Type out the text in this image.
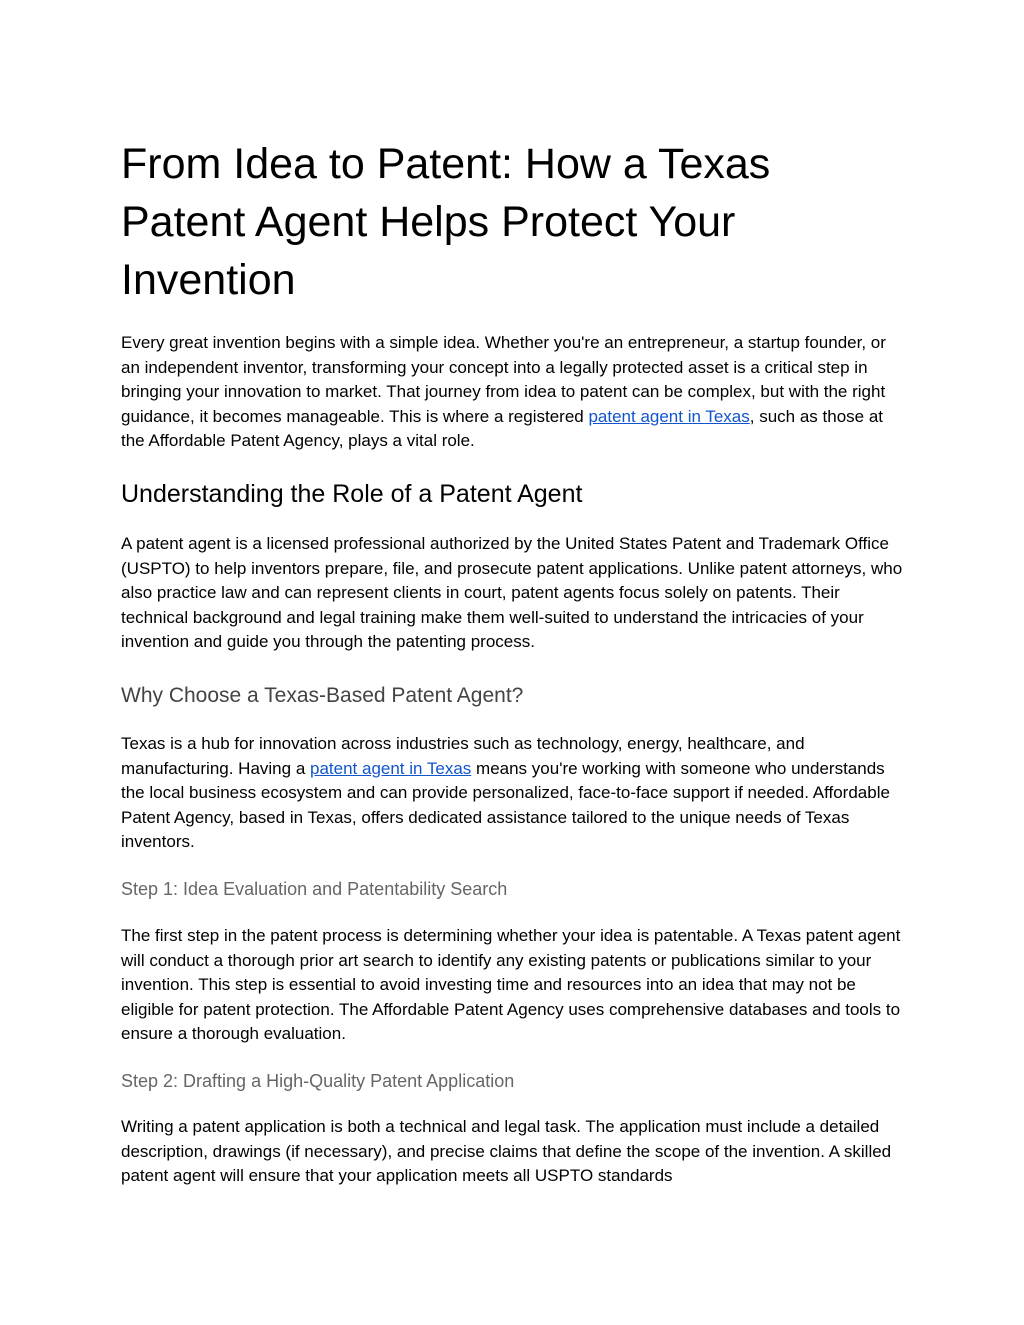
From Idea to Patent: How a Texas Patent Agent Helps Protect Your Invention

Every great invention begins with a simple idea. Whether you're an entrepreneur, a startup founder, or an independent inventor, transforming your concept into a legally protected asset is a critical step in bringing your innovation to market. That journey from idea to patent can be complex, but with the right guidance, it becomes manageable. This is where a registered patent agent in Texas, such as those at the Affordable Patent Agency, plays a vital role.

Understanding the Role of a Patent Agent

A patent agent is a licensed professional authorized by the United States Patent and Trademark Office (USPTO) to help inventors prepare, file, and prosecute patent applications. Unlike patent attorneys, who also practice law and can represent clients in court, patent agents focus solely on patents. Their technical background and legal training make them well-suited to understand the intricacies of your invention and guide you through the patenting process.

Why Choose a Texas-Based Patent Agent?

Texas is a hub for innovation across industries such as technology, energy, healthcare, and manufacturing. Having a patent agent in Texas means you're working with someone who understands the local business ecosystem and can provide personalized, face-to-face support if needed. Affordable Patent Agency, based in Texas, offers dedicated assistance tailored to the unique needs of Texas inventors.

Step 1: Idea Evaluation and Patentability Search

The first step in the patent process is determining whether your idea is patentable. A Texas patent agent will conduct a thorough prior art search to identify any existing patents or publications similar to your invention. This step is essential to avoid investing time and resources into an idea that may not be eligible for patent protection. The Affordable Patent Agency uses comprehensive databases and tools to ensure a thorough evaluation.

Step 2: Drafting a High-Quality Patent Application

Writing a patent application is both a technical and legal task. The application must include a detailed description, drawings (if necessary), and precise claims that define the scope of the invention. A skilled patent agent will ensure that your application meets all USPTO standards
